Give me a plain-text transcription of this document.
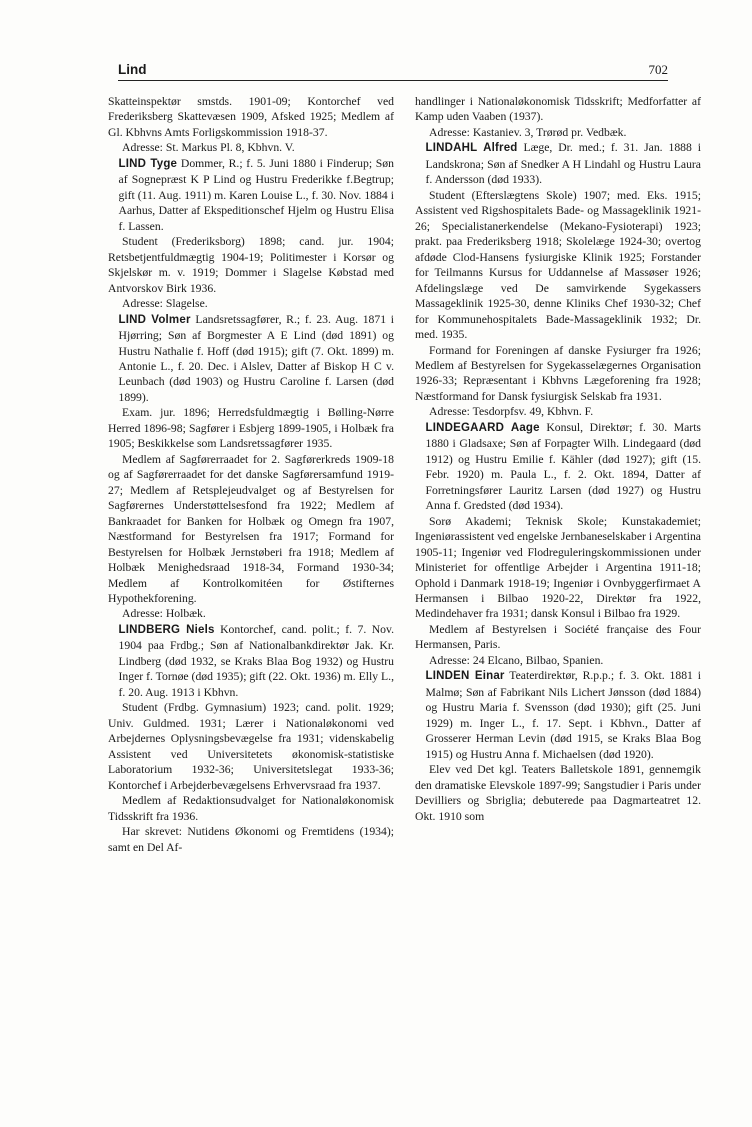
Lind	702

Skatteinspektør smstds. 1901-09; Kontorchef ved Frederiksberg Skattevæsen 1909, Afsked 1925; Medlem af Gl. Kbhvns Amts Forligskommission 1918-37.

Adresse: St. Markus Pl. 8, Kbhvn. V.

LIND Tyge Dommer, R.; f. 5. Juni 1880 i Finderup; Søn af Sognepræst K P Lind og Hustru Frederikke f.Begtrup; gift (11. Aug. 1911) m. Karen Louise L., f. 30. Nov. 1884 i Aarhus, Datter af Ekspeditionschef Hjelm og Hustru Elisa f. Lassen.

Student (Frederiksborg) 1898; cand. jur. 1904; Retsbetjentfuldmægtig 1904-19; Politimester i Korsør og Skjelskør m. v. 1919; Dommer i Slagelse Købstad med Antvorskov Birk 1936.

Adresse: Slagelse.

LIND Volmer Landsretssagfører, R.; f. 23. Aug. 1871 i Hjørring; Søn af Borgmester A E Lind (død 1891) og Hustru Nathalie f. Hoff (død 1915); gift (7. Okt. 1899) m. Antonie L., f. 20. Dec. i Alslev, Datter af Biskop H C v. Leunbach (død 1903) og Hustru Caroline f. Larsen (død 1899).

Exam. jur. 1896; Herredsfuldmægtig i Bølling-Nørre Herred 1896-98; Sagfører i Esbjerg 1899-1905, i Holbæk fra 1905; Beskikkelse som Landsretssagfører 1935.

Medlem af Sagførerraadet for 2. Sagførerkreds 1909-18 og af Sagførerraadet for det danske Sagførersamfund 1919-27; Medlem af Retsplejeudvalget og af Bestyrelsen for Sagførernes Understøttelsesfond fra 1922; Medlem af Bankraadet for Banken for Holbæk og Omegn fra 1907, Næstformand for Bestyrelsen fra 1917; Formand for Bestyrelsen for Holbæk Jernstøberi fra 1918; Medlem af Holbæk Menighedsraad 1918-34, Formand 1930-34; Medlem af Kontrolkomitéen for Østifternes Hypothekforening.

Adresse: Holbæk.

LINDBERG Niels Kontorchef, cand. polit.; f. 7. Nov. 1904 paa Frdbg.; Søn af Nationalbankdirektør Jak. Kr. Lindberg (død 1932, se Kraks Blaa Bog 1932) og Hustru Inger f. Tornøe (død 1935); gift (22. Okt. 1936) m. Elly L., f. 20. Aug. 1913 i Kbhvn.

Student (Frdbg. Gymnasium) 1923; cand. polit. 1929; Univ. Guldmed. 1931; Lærer i Nationaløkonomi ved Arbejdernes Oplysningsbevægelse fra 1931; videnskabelig Assistent ved Universitetets økonomisk-statistiske Laboratorium 1932-36; Universitetslegat 1933-36; Kontorchef i Arbejderbevægelsens Erhvervsraad fra 1937.

Medlem af Redaktionsudvalget for Nationaløkonomisk Tidsskrift fra 1936.

Har skrevet: Nutidens Økonomi og Fremtidens (1934); samt en Del Af-

handlinger i Nationaløkonomisk Tidsskrift; Medforfatter af Kamp uden Vaaben (1937).

Adresse: Kastaniev. 3, Trørød pr. Vedbæk.

LINDAHL Alfred Læge, Dr. med.; f. 31. Jan. 1888 i Landskrona; Søn af Snedker A H Lindahl og Hustru Laura f. Andersson (død 1933).

Student (Efterslægtens Skole) 1907; med. Eks. 1915; Assistent ved Rigshospitalets Bade- og Massageklinik 1921-26; Specialistanerkendelse (Mekano-Fysioterapi) 1923; prakt. paa Frederiksberg 1918; Skolelæge 1924-30; overtog afdøde Clod-Hansens fysiurgiske Klinik 1925; Forstander for Teilmanns Kursus for Uddannelse af Massøser 1926; Afdelingslæge ved De samvirkende Sygekassers Massageklinik 1925-30, denne Kliniks Chef 1930-32; Chef for Kommunehospitalets Bade-Massageklinik 1932; Dr. med. 1935.

Formand for Foreningen af danske Fysiurger fra 1926; Medlem af Bestyrelsen for Sygekasselægernes Organisation 1926-33; Repræsentant i Kbhvns Lægeforening fra 1928; Næstformand for Dansk fysiurgisk Selskab fra 1931.

Adresse: Tesdorpfsv. 49, Kbhvn. F.

LINDEGAARD Aage Konsul, Direktør; f. 30. Marts 1880 i Gladsaxe; Søn af Forpagter Wilh. Lindegaard (død 1912) og Hustru Emilie f. Kähler (død 1927); gift (15. Febr. 1920) m. Paula L., f. 2. Okt. 1894, Datter af Forretningsfører Lauritz Larsen (død 1927) og Hustru Anna f. Gredsted (død 1934).

Sorø Akademi; Teknisk Skole; Kunstakademiet; Ingeniørassistent ved engelske Jernbaneselskaber i Argentina 1905-11; Ingeniør ved Flodreguleringskommissionen under Ministeriet for offentlige Arbejder i Argentina 1911-18; Ophold i Danmark 1918-19; Ingeniør i Ovnbyggerfirmaet A Hermansen i Bilbao 1920-22, Direktør fra 1922, Medindehaver fra 1931; dansk Konsul i Bilbao fra 1929.

Medlem af Bestyrelsen i Société française des Four Hermansen, Paris.

Adresse: 24 Elcano, Bilbao, Spanien.

LINDEN Einar Teaterdirektør, R.p.p.; f. 3. Okt. 1881 i Malmø; Søn af Fabrikant Nils Lichert Jønsson (død 1884) og Hustru Maria f. Svensson (død 1930); gift (25. Juni 1929) m. Inger L., f. 17. Sept. i Kbhvn., Datter af Grosserer Herman Levin (død 1915, se Kraks Blaa Bog 1915) og Hustru Anna f. Michaelsen (død 1920).

Elev ved Det kgl. Teaters Balletskole 1891, gennemgik den dramatiske Elevskole 1897-99; Sangstudier i Paris under Devilliers og Sbriglia; debuterede paa Dagmarteatret 12. Okt. 1910 som
